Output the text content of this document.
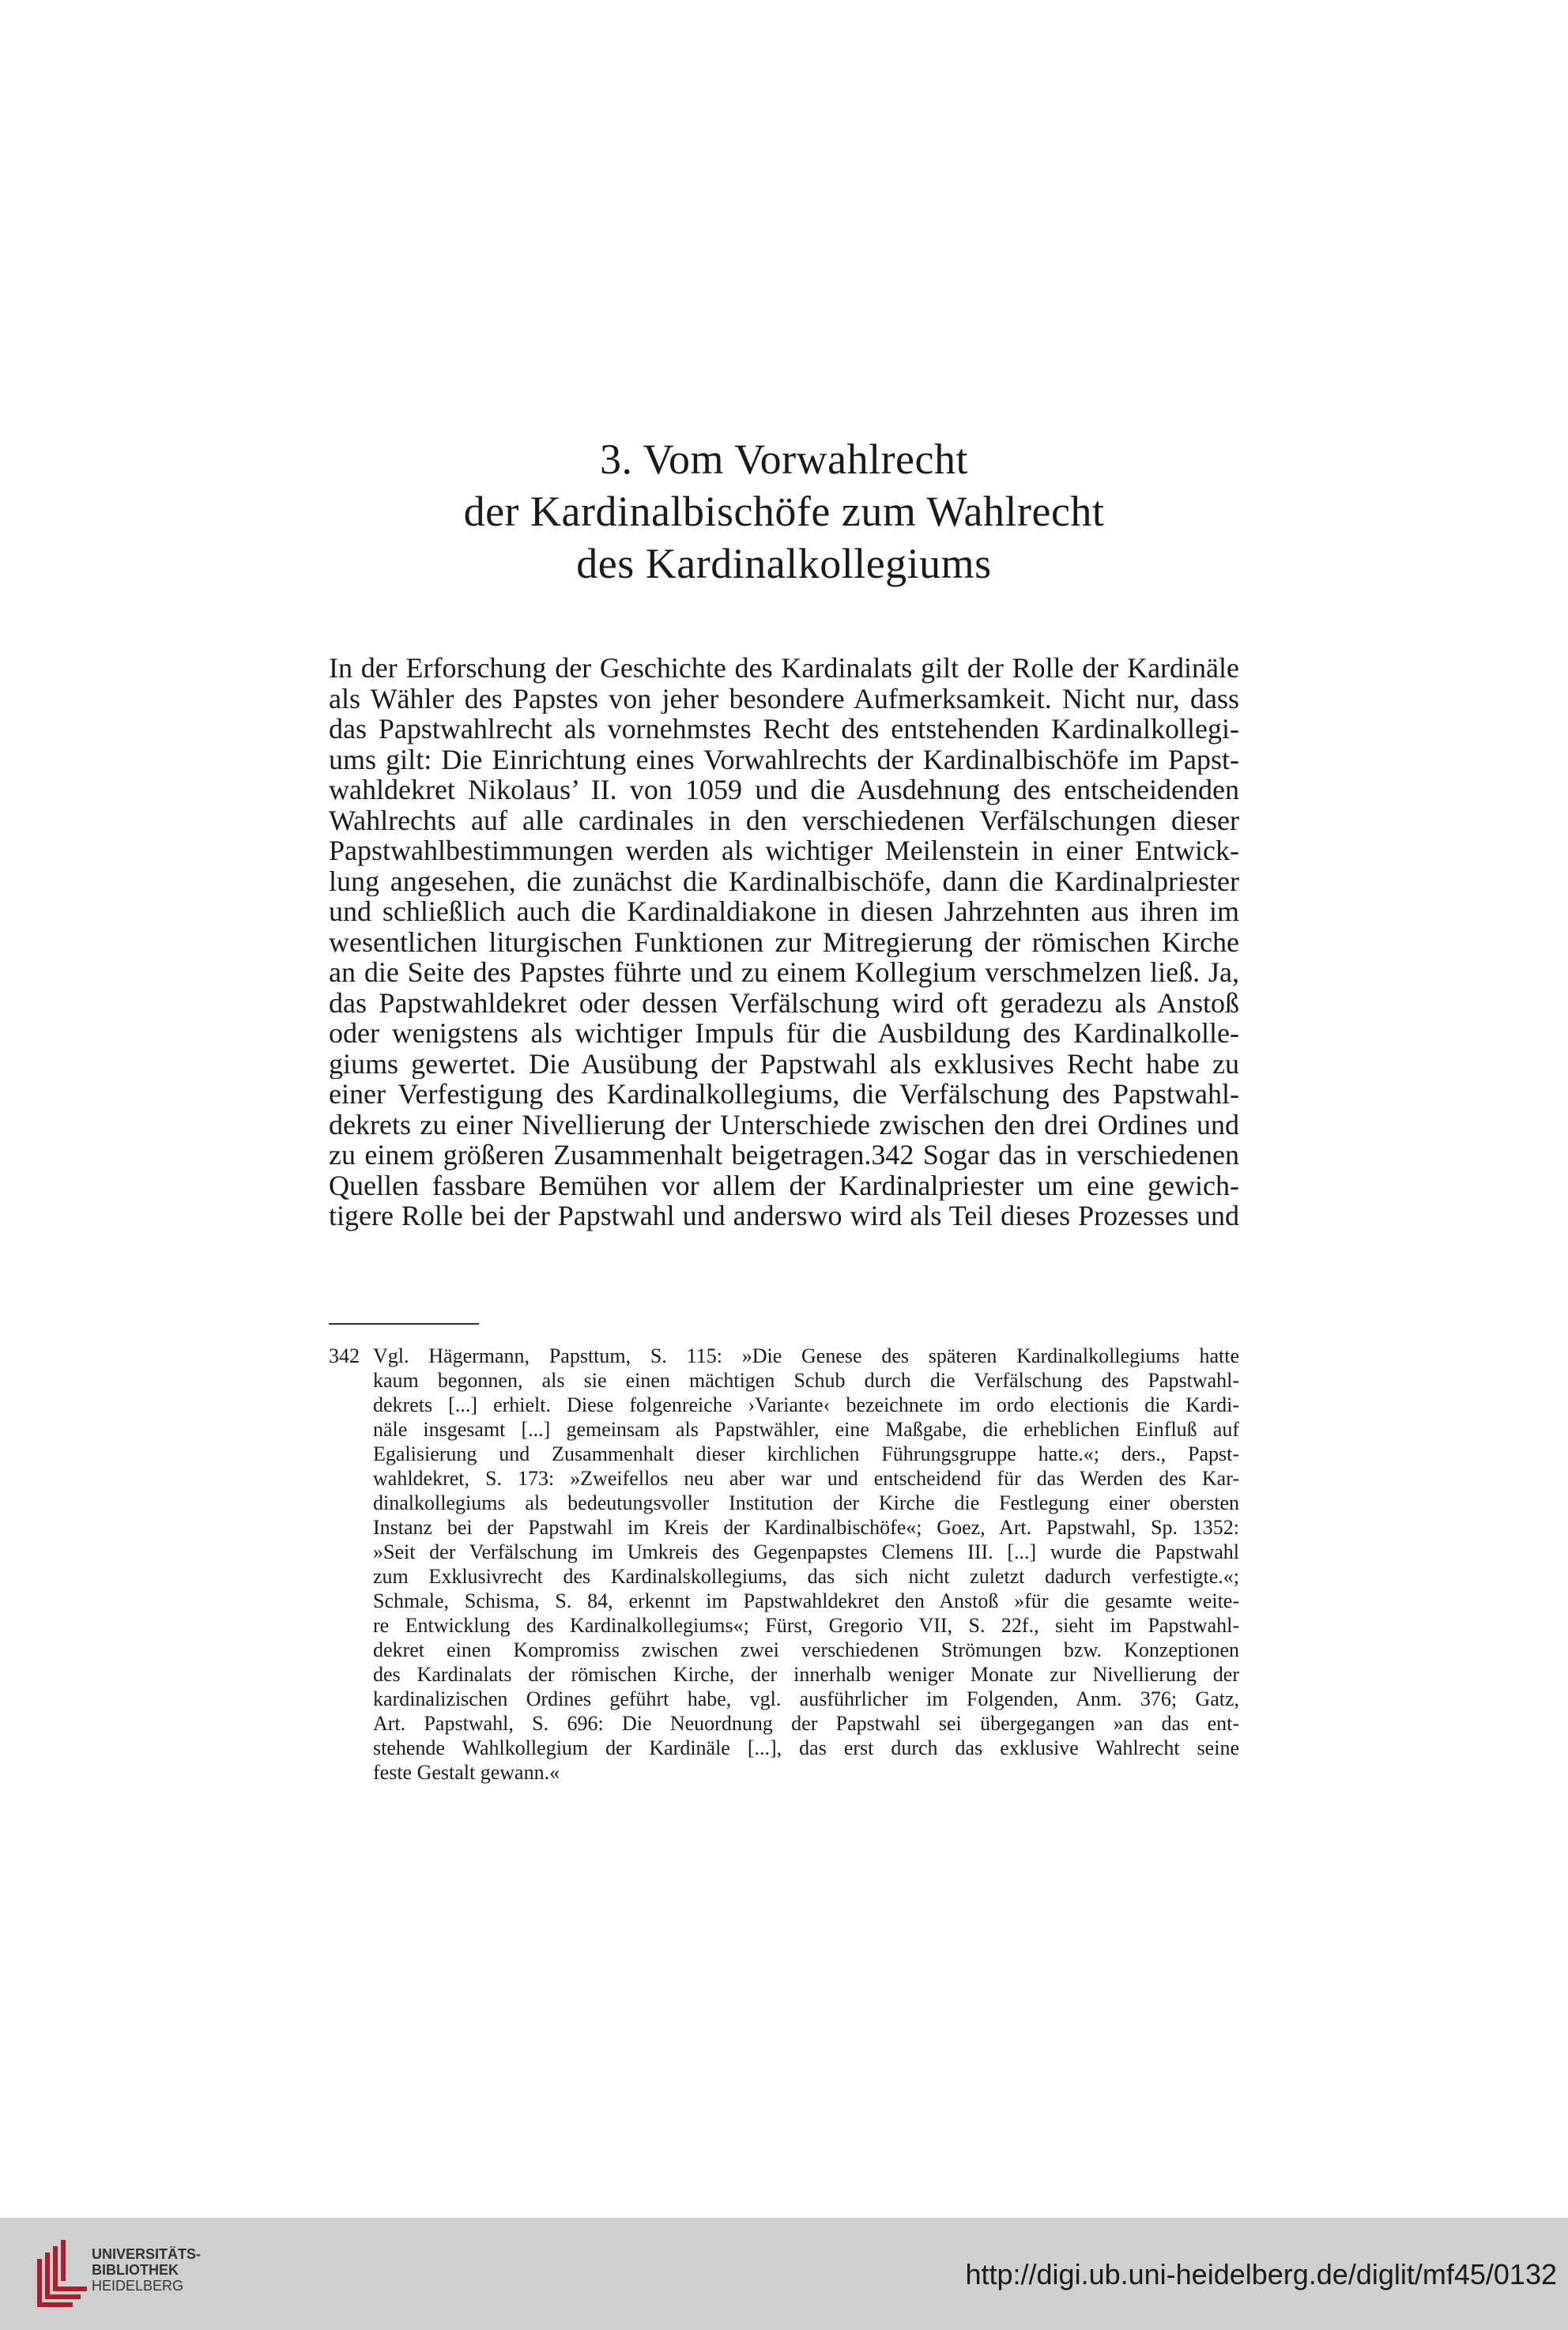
3. Vom Vorwahlrecht
der Kardinalbischöfe zum Wahlrecht
des Kardinalkollegiums
In der Erforschung der Geschichte des Kardinalats gilt der Rolle der Kardinäle
als Wähler des Papstes von jeher besondere Aufmerksamkeit. Nicht nur, dass
das Papstwahlrecht als vornehmstes Recht des entstehenden Kardinalkollegi-
ums gilt: Die Einrichtung eines Vorwahlrechts der Kardinalbischöfe im Papst-
wahldekret Nikolaus’ II. von 1059 und die Ausdehnung des entscheidenden
Wahlrechts auf alle cardinales in den verschiedenen Verfälschungen dieser
Papstwahlbestimmungen werden als wichtiger Meilenstein in einer Entwick-
lung angesehen, die zunächst die Kardinalbischöfe, dann die Kardinalpriester
und schließlich auch die Kardinaldiakone in diesen Jahrzehnten aus ihren im
wesentlichen liturgischen Funktionen zur Mitregierung der römischen Kirche
an die Seite des Papstes führte und zu einem Kollegium verschmelzen ließ. Ja,
das Papstwahldekret oder dessen Verfälschung wird oft geradezu als Anstoß
oder wenigstens als wichtiger Impuls für die Ausbildung des Kardinalkolle-
giums gewertet. Die Ausübung der Papstwahl als exklusives Recht habe zu
einer Verfestigung des Kardinalkollegiums, die Verfälschung des Papstwahl-
dekrets zu einer Nivellierung der Unterschiede zwischen den drei Ordines und
zu einem größeren Zusammenhalt beigetragen.342 Sogar das in verschiedenen
Quellen fassbare Bemühen vor allem der Kardinalpriester um eine gewich-
tigere Rolle bei der Papstwahl und anderswo wird als Teil dieses Prozesses und
342 Vgl. Hägermann, Papsttum, S. 115: »Die Genese des späteren Kardinalkollegiums hatte
kaum begonnen, als sie einen mächtigen Schub durch die Verfälschung des Papstwahl-
dekrets [...] erhielt. Diese folgenreiche ›Variante‹ bezeichnete im ordo electionis die Kardi-
näle insgesamt [...] gemeinsam als Papstwähler, eine Maßgabe, die erheblichen Einfluß auf
Egalisierung und Zusammenhalt dieser kirchlichen Führungsgruppe hatte.«; ders., Papst-
wahldekret, S. 173: »Zweifellos neu aber war und entscheidend für das Werden des Kar-
dinalkollegiums als bedeutungsvoller Institution der Kirche die Festlegung einer obersten
Instanz bei der Papstwahl im Kreis der Kardinalbischöfe«; Goez, Art. Papstwahl, Sp. 1352:
»Seit der Verfälschung im Umkreis des Gegenpapstes Clemens III. [...] wurde die Papstwahl
zum Exklusivrecht des Kardinalskollegiums, das sich nicht zuletzt dadurch verfestigte.«;
Schmale, Schisma, S. 84, erkennt im Papstwahldekret den Anstoß »für die gesamte weite-
re Entwicklung des Kardinalkollegiums«; Fürst, Gregorio VII, S. 22f., sieht im Papstwahl-
dekret einen Kompromiss zwischen zwei verschiedenen Strömungen bzw. Konzeptionen
des Kardinalats der römischen Kirche, der innerhalb weniger Monate zur Nivellierung der
kardinalizischen Ordines geführt habe, vgl. ausführlicher im Folgenden, Anm. 376; Gatz,
Art. Papstwahl, S. 696: Die Neuordnung der Papstwahl sei übergegangen »an das ent-
stehende Wahlkollegium der Kardinäle [...], das erst durch das exklusive Wahlrecht seine
feste Gestalt gewann.«
UNIVERSITÄTS-
BIBLIOTHEK
HEIDELBERG	http://digi.ub.uni-heidelberg.de/diglit/mf45/0132
